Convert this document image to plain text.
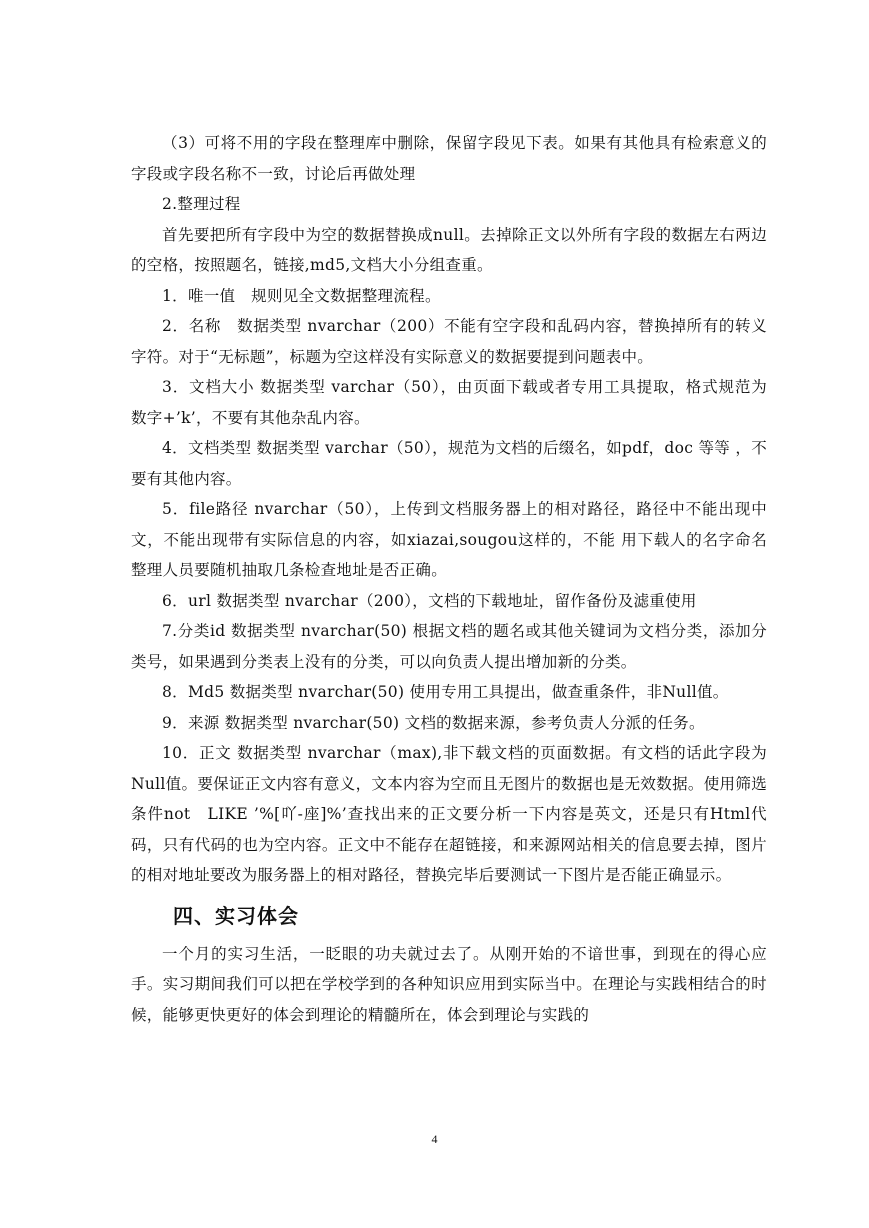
（3）可将不用的字段在整理库中删除，保留字段见下表。如果有其他具有检索意义的字段或字段名称不一致，讨论后再做处理

2.整理过程

首先要把所有字段中为空的数据替换成null。去掉除正文以外所有字段的数据左右两边的空格，按照题名，链接,md5,文档大小分组查重。

1．唯一值　规则见全文数据整理流程。

2．名称　数据类型 nvarchar（200）不能有空字段和乱码内容，替换掉所有的转义字符。对于“无标题”，标题为空这样没有实际意义的数据要提到问题表中。

3．文档大小 数据类型 varchar（50），由页面下载或者专用工具提取，格式规范为 数字+’k’，不要有其他杂乱内容。

4．文档类型 数据类型 varchar（50），规范为文档的后缀名，如pdf，doc 等等 ，不要有其他内容。

5．file路径 nvarchar（50），上传到文档服务器上的相对路径，路径中不能出现中文，不能出现带有实际信息的内容，如xiazai,sougou这样的，不能 用下载人的名字命名整理人员要随机抽取几条检查地址是否正确。

6．url 数据类型 nvarchar（200），文档的下载地址，留作备份及滤重使用

7.分类id 数据类型 nvarchar(50) 根据文档的题名或其他关键词为文档分类，添加分类号，如果遇到分类表上没有的分类，可以向负责人提出增加新的分类。

8．Md5 数据类型 nvarchar(50) 使用专用工具提出，做查重条件，非Null值。

9．来源 数据类型 nvarchar(50) 文档的数据来源，参考负责人分派的任务。

10．正文 数据类型 nvarchar（max),非下载文档的页面数据。有文档的话此字段为Null值。要保证正文内容有意义，文本内容为空而且无图片的数据也是无效数据。使用筛选条件not　LIKE ’%[吖-座]%’查找出来的正文要分析一下内容是英文，还是只有Html代码，只有代码的也为空内容。正文中不能存在超链接，和来源网站相关的信息要去掉，图片的相对地址要改为服务器上的相对路径，替换完毕后要测试一下图片是否能正确显示。

四、实习体会

一个月的实习生活，一眨眼的功夫就过去了。从刚开始的不谙世事，到现在的得心应手。实习期间我们可以把在学校学到的各种知识应用到实际当中。在理论与实践相结合的时候，能够更快更好的体会到理论的精髓所在，体会到理论与实践的

4
